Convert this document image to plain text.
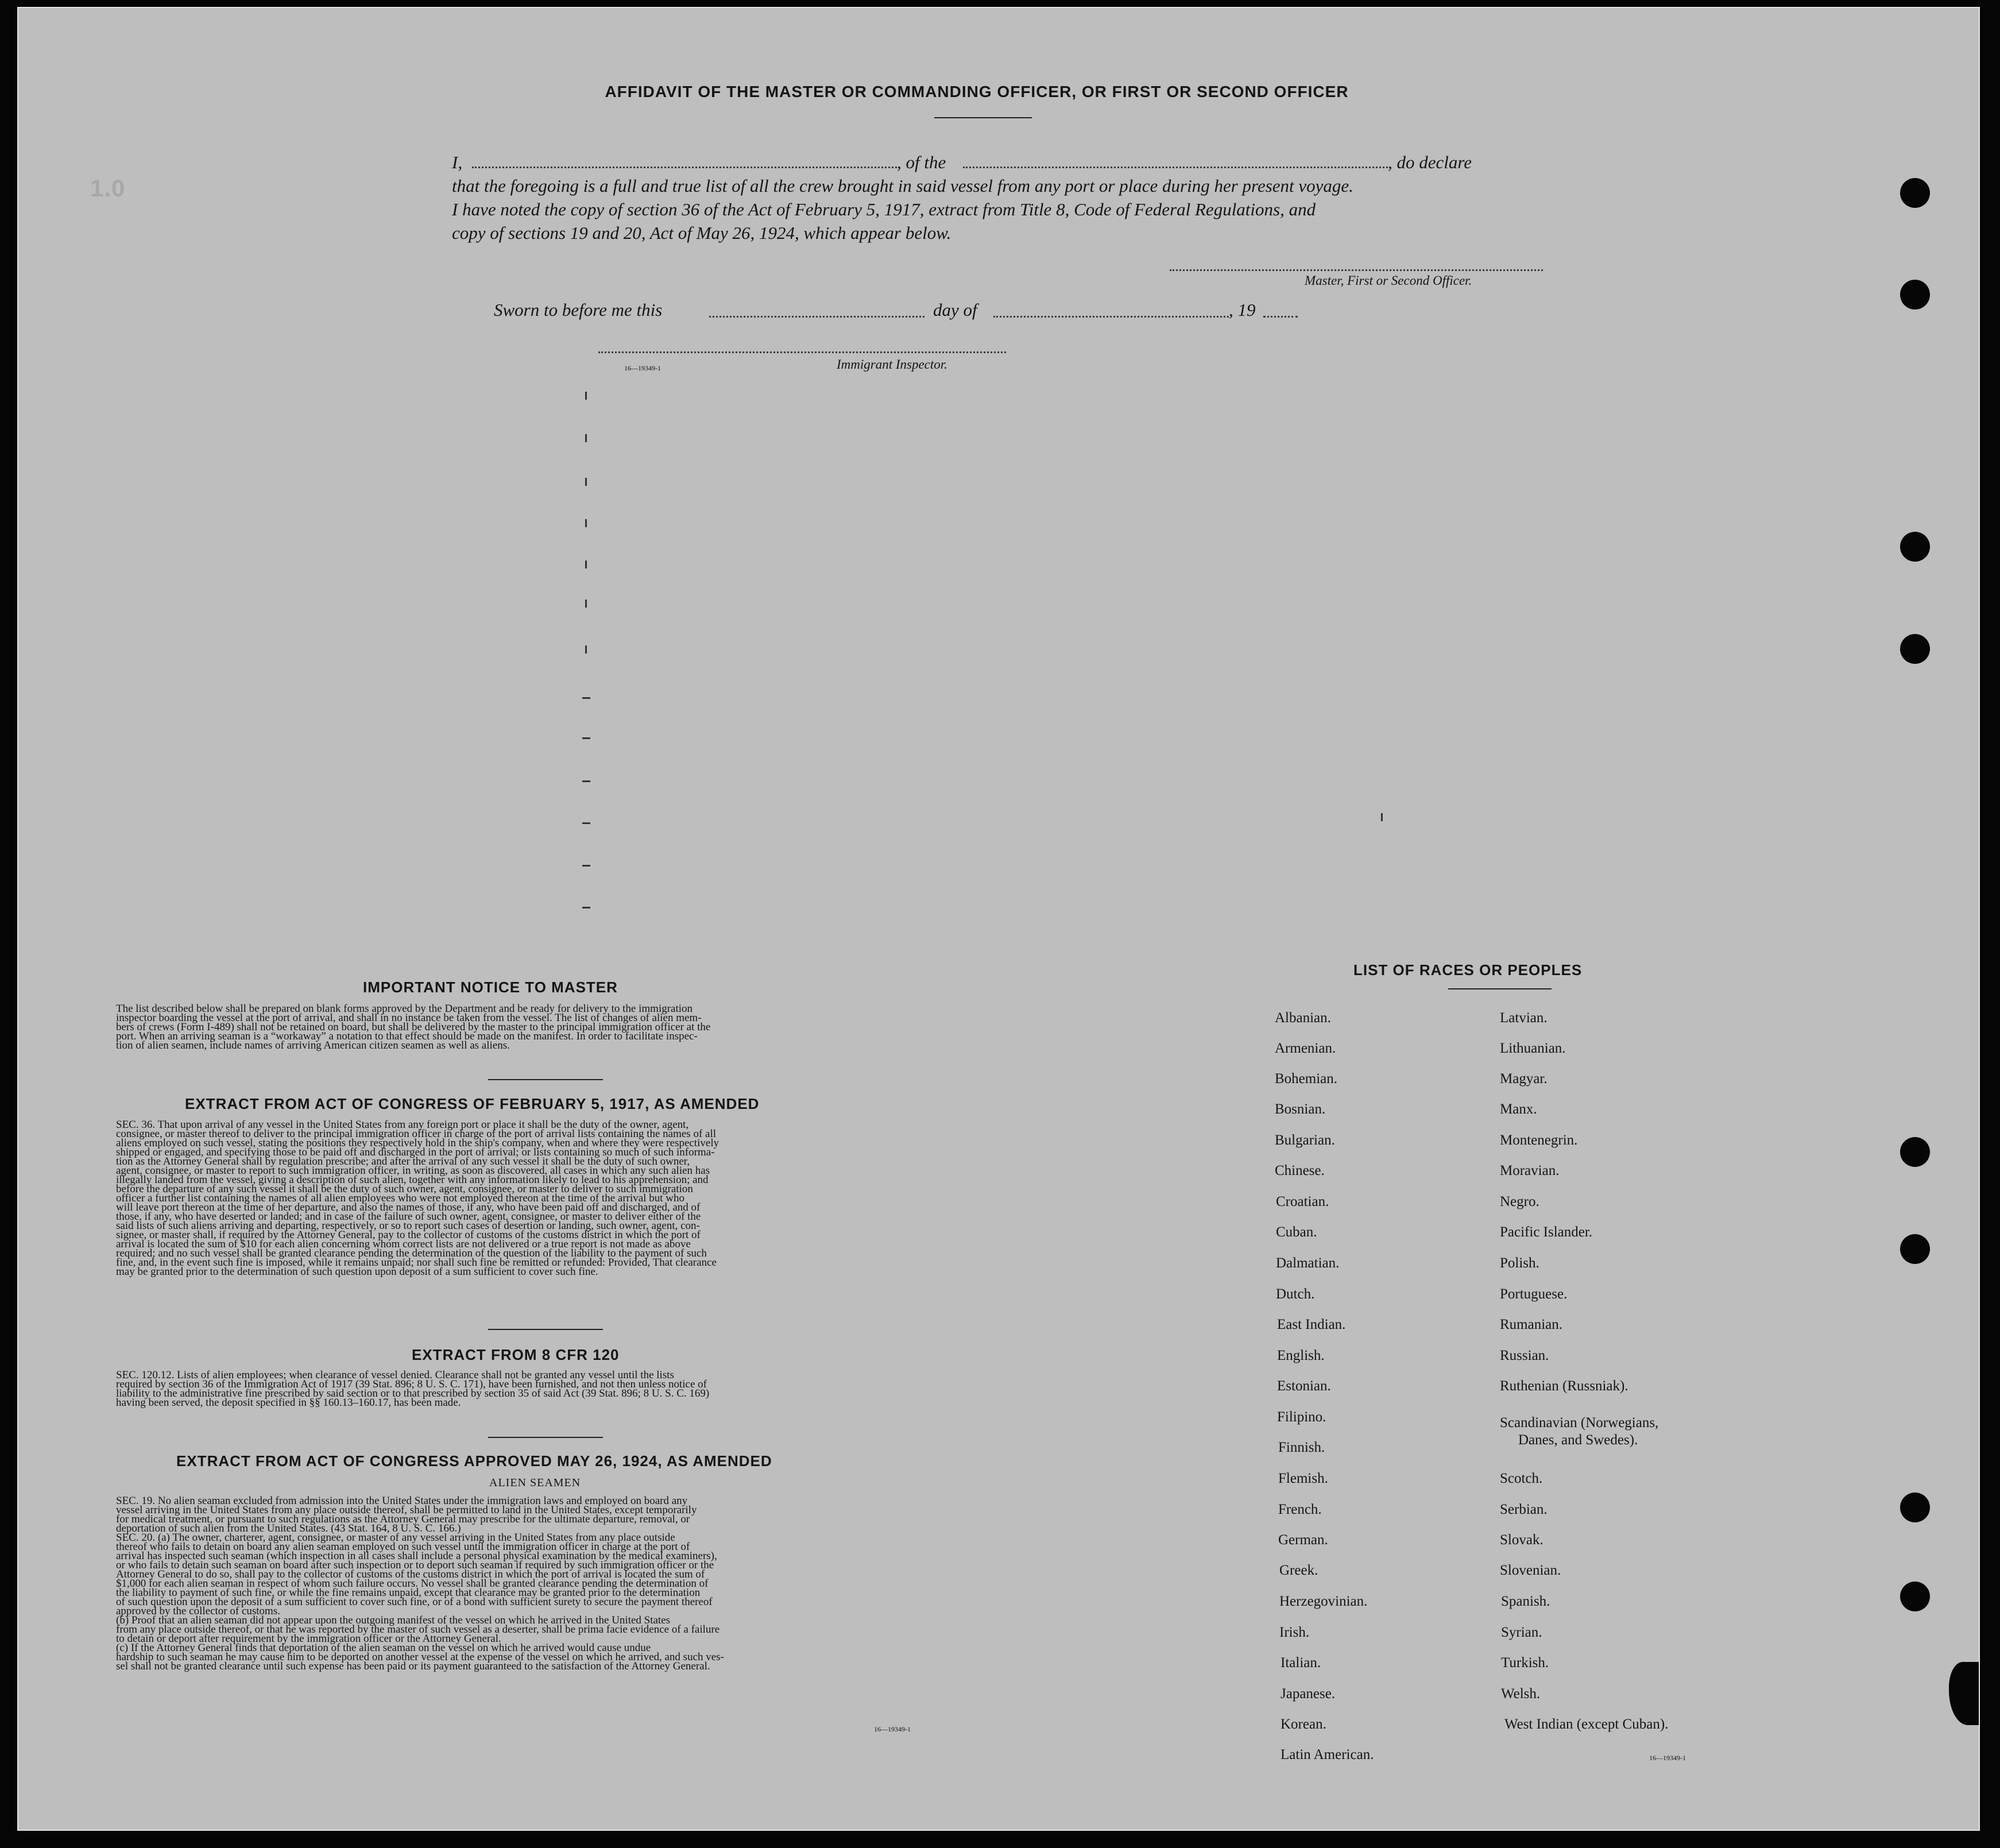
1.0
AFFIDAVIT OF THE MASTER OR COMMANDING OFFICER, OR FIRST OR SECOND OFFICER
I,	, of the	, do declare
that the foregoing is a full and true list of all the crew brought in said vessel from any port or place during her present voyage.
I have noted the copy of section 36 of the Act of February 5, 1917, extract from Title 8, Code of Federal Regulations, and
copy of sections 19 and 20, Act of May 26, 1924, which appear below.
Master, First or Second Officer.
Sworn to before me this	day of	, 19
16—19349-1	Immigrant Inspector.
IMPORTANT NOTICE TO MASTER
The list described below shall be prepared on blank forms approved by the Department and be ready for delivery to the immigration
inspector boarding the vessel at the port of arrival, and shall in no instance be taken from the vessel. The list of changes of alien mem-
bers of crews (Form I-489) shall not be retained on board, but shall be delivered by the master to the principal immigration officer at the
port. When an arriving seaman is a “workaway” a notation to that effect should be made on the manifest. In order to facilitate inspec-
tion of alien seamen, include names of arriving American citizen seamen as well as aliens.
EXTRACT FROM ACT OF CONGRESS OF FEBRUARY 5, 1917, AS AMENDED
SEC. 36. That upon arrival of any vessel in the United States from any foreign port or place it shall be the duty of the owner, agent,
consignee, or master thereof to deliver to the principal immigration officer in charge of the port of arrival lists containing the names of all
aliens employed on such vessel, stating the positions they respectively hold in the ship's company, when and where they were respectively
shipped or engaged, and specifying those to be paid off and discharged in the port of arrival; or lists containing so much of such informa-
tion as the Attorney General shall by regulation prescribe; and after the arrival of any such vessel it shall be the duty of such owner,
agent, consignee, or master to report to such immigration officer, in writing, as soon as discovered, all cases in which any such alien has
illegally landed from the vessel, giving a description of such alien, together with any information likely to lead to his apprehension; and
before the departure of any such vessel it shall be the duty of such owner, agent, consignee, or master to deliver to such immigration
officer a further list containing the names of all alien employees who were not employed thereon at the time of the arrival but who
will leave port thereon at the time of her departure, and also the names of those, if any, who have been paid off and discharged, and of
those, if any, who have deserted or landed; and in case of the failure of such owner, agent, consignee, or master to deliver either of the
said lists of such aliens arriving and departing, respectively, or so to report such cases of desertion or landing, such owner, agent, con-
signee, or master shall, if required by the Attorney General, pay to the collector of customs of the customs district in which the port of
arrival is located the sum of $10 for each alien concerning whom correct lists are not delivered or a true report is not made as above
required; and no such vessel shall be granted clearance pending the determination of the question of the liability to the payment of such
fine, and, in the event such fine is imposed, while it remains unpaid; nor shall such fine be remitted or refunded: Provided, That clearance
may be granted prior to the determination of such question upon deposit of a sum sufficient to cover such fine.
EXTRACT FROM 8 CFR 120
SEC. 120.12. Lists of alien employees; when clearance of vessel denied. Clearance shall not be granted any vessel until the lists
required by section 36 of the Immigration Act of 1917 (39 Stat. 896; 8 U. S. C. 171), have been furnished, and not then unless notice of
liability to the administrative fine prescribed by said section or to that prescribed by section 35 of said Act (39 Stat. 896; 8 U. S. C. 169)
having been served, the deposit specified in §§ 160.13–160.17, has been made.
EXTRACT FROM ACT OF CONGRESS APPROVED MAY 26, 1924, AS AMENDED
ALIEN SEAMEN
SEC. 19. No alien seaman excluded from admission into the United States under the immigration laws and employed on board any
vessel arriving in the United States from any place outside thereof, shall be permitted to land in the United States, except temporarily
for medical treatment, or pursuant to such regulations as the Attorney General may prescribe for the ultimate departure, removal, or
deportation of such alien from the United States. (43 Stat. 164, 8 U. S. C. 166.)
SEC. 20. (a) The owner, charterer, agent, consignee, or master of any vessel arriving in the United States from any place outside
thereof who fails to detain on board any alien seaman employed on such vessel until the immigration officer in charge at the port of
arrival has inspected such seaman (which inspection in all cases shall include a personal physical examination by the medical examiners),
or who fails to detain such seaman on board after such inspection or to deport such seaman if required by such immigration officer or the
Attorney General to do so, shall pay to the collector of customs of the customs district in which the port of arrival is located the sum of
$1,000 for each alien seaman in respect of whom such failure occurs. No vessel shall be granted clearance pending the determination of
the liability to payment of such fine, or while the fine remains unpaid, except that clearance may be granted prior to the determination
of such question upon the deposit of a sum sufficient to cover such fine, or of a bond with sufficient surety to secure the payment thereof
approved by the collector of customs.
(b) Proof that an alien seaman did not appear upon the outgoing manifest of the vessel on which he arrived in the United States
from any place outside thereof, or that he was reported by the master of such vessel as a deserter, shall be prima facie evidence of a failure
to detain or deport after requirement by the immigration officer or the Attorney General.
(c) If the Attorney General finds that deportation of the alien seaman on the vessel on which he arrived would cause undue
hardship to such seaman he may cause him to be deported on another vessel at the expense of the vessel on which he arrived, and such ves-
sel shall not be granted clearance until such expense has been paid or its payment guaranteed to the satisfaction of the Attorney General.
16—19349-1
LIST OF RACES OR PEOPLES
Albanian.
Armenian.
Bohemian.
Bosnian.
Bulgarian.
Chinese.
Croatian.
Cuban.
Dalmatian.
Dutch.
East Indian.
English.
Estonian.
Filipino.
Finnish.
Flemish.
French.
German.
Greek.
Herzegovinian.
Irish.
Italian.
Japanese.
Korean.
Latin American.
Latvian.
Lithuanian.
Magyar.
Manx.
Montenegrin.
Moravian.
Negro.
Pacific Islander.
Polish.
Portuguese.
Rumanian.
Russian.
Ruthenian (Russniak).
Scandinavian (Norwegians,
Danes, and Swedes).
Scotch.
Serbian.
Slovak.
Slovenian.
Spanish.
Syrian.
Turkish.
Welsh.
West Indian (except Cuban).
16—19349-1
